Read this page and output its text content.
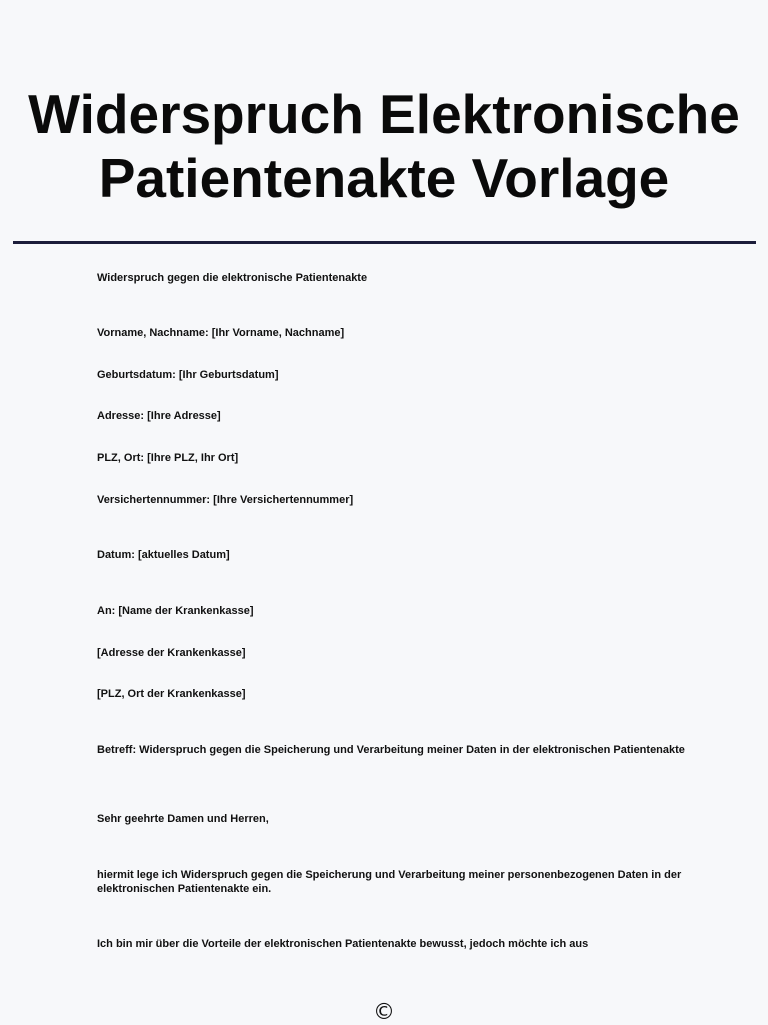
Widerspruch Elektronische Patientenakte Vorlage

Widerspruch gegen die elektronische Patientenakte

Vorname, Nachname: [Ihr Vorname, Nachname]

Geburtsdatum: [Ihr Geburtsdatum]

Adresse: [Ihre Adresse]

PLZ, Ort: [Ihre PLZ, Ihr Ort]

Versichertennummer: [Ihre Versichertennummer]

Datum: [aktuelles Datum]

An: [Name der Krankenkasse]

[Adresse der Krankenkasse]

[PLZ, Ort der Krankenkasse]

Betreff: Widerspruch gegen die Speicherung und Verarbeitung meiner Daten in der elektronischen Patientenakte

Sehr geehrte Damen und Herren,

hiermit lege ich Widerspruch gegen die Speicherung und Verarbeitung meiner personenbezogenen Daten in der elektronischen Patientenakte ein.

Ich bin mir über die Vorteile der elektronischen Patientenakte bewusst, jedoch möchte ich aus

©
